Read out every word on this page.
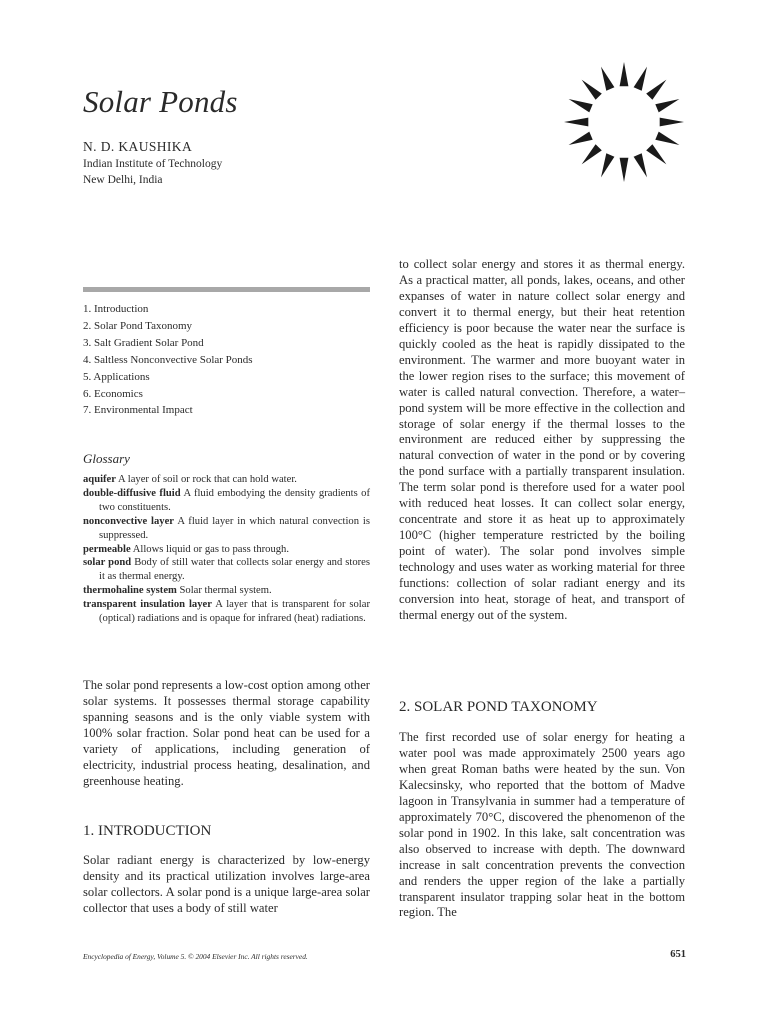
Solar Ponds
N. D. KAUSHIKA
Indian Institute of Technology
New Delhi, India
1. Introduction
2. Solar Pond Taxonomy
3. Salt Gradient Solar Pond
4. Saltless Nonconvective Solar Ponds
5. Applications
6. Economics
7. Environmental Impact
Glossary
aquifer A layer of soil or rock that can hold water.
double-diffusive fluid A fluid embodying the density gradients of two constituents.
nonconvective layer A fluid layer in which natural convection is suppressed.
permeable Allows liquid or gas to pass through.
solar pond Body of still water that collects solar energy and stores it as thermal energy.
thermohaline system Solar thermal system.
transparent insulation layer A layer that is transparent for solar (optical) radiations and is opaque for infrared (heat) radiations.
The solar pond represents a low-cost option among other solar systems. It possesses thermal storage capability spanning seasons and is the only viable system with 100% solar fraction. Solar pond heat can be used for a variety of applications, including generation of electricity, industrial process heating, desalination, and greenhouse heating.
1. INTRODUCTION
Solar radiant energy is characterized by low-energy density and its practical utilization involves large-area solar collectors. A solar pond is a unique large-area solar collector that uses a body of still water
to collect solar energy and stores it as thermal energy. As a practical matter, all ponds, lakes, oceans, and other expanses of water in nature collect solar energy and convert it to thermal energy, but their heat retention efficiency is poor because the water near the surface is quickly cooled as the heat is rapidly dissipated to the environment. The warmer and more buoyant water in the lower region rises to the surface; this movement of water is called natural convection. Therefore, a water–pond system will be more effective in the collection and storage of solar energy if the thermal losses to the environment are reduced either by suppressing the natural convection of water in the pond or by covering the pond surface with a partially transparent insulation. The term solar pond is therefore used for a water pool with reduced heat losses. It can collect solar energy, concentrate and store it as heat up to approximately 100°C (higher temperature restricted by the boiling point of water). The solar pond involves simple technology and uses water as working material for three functions: collection of solar radiant energy and its conversion into heat, storage of heat, and transport of thermal energy out of the system.
2. SOLAR POND TAXONOMY
The first recorded use of solar energy for heating a water pool was made approximately 2500 years ago when great Roman baths were heated by the sun. Von Kalecsinsky, who reported that the bottom of Madve lagoon in Transylvania in summer had a temperature of approximately 70°C, discovered the phenomenon of the solar pond in 1902. In this lake, salt concentration was also observed to increase with depth. The downward increase in salt concentration prevents the convection and renders the upper region of the lake a partially transparent insulator trapping solar heat in the bottom region. The
Encyclopedia of Energy, Volume 5. © 2004 Elsevier Inc. All rights reserved.	651
